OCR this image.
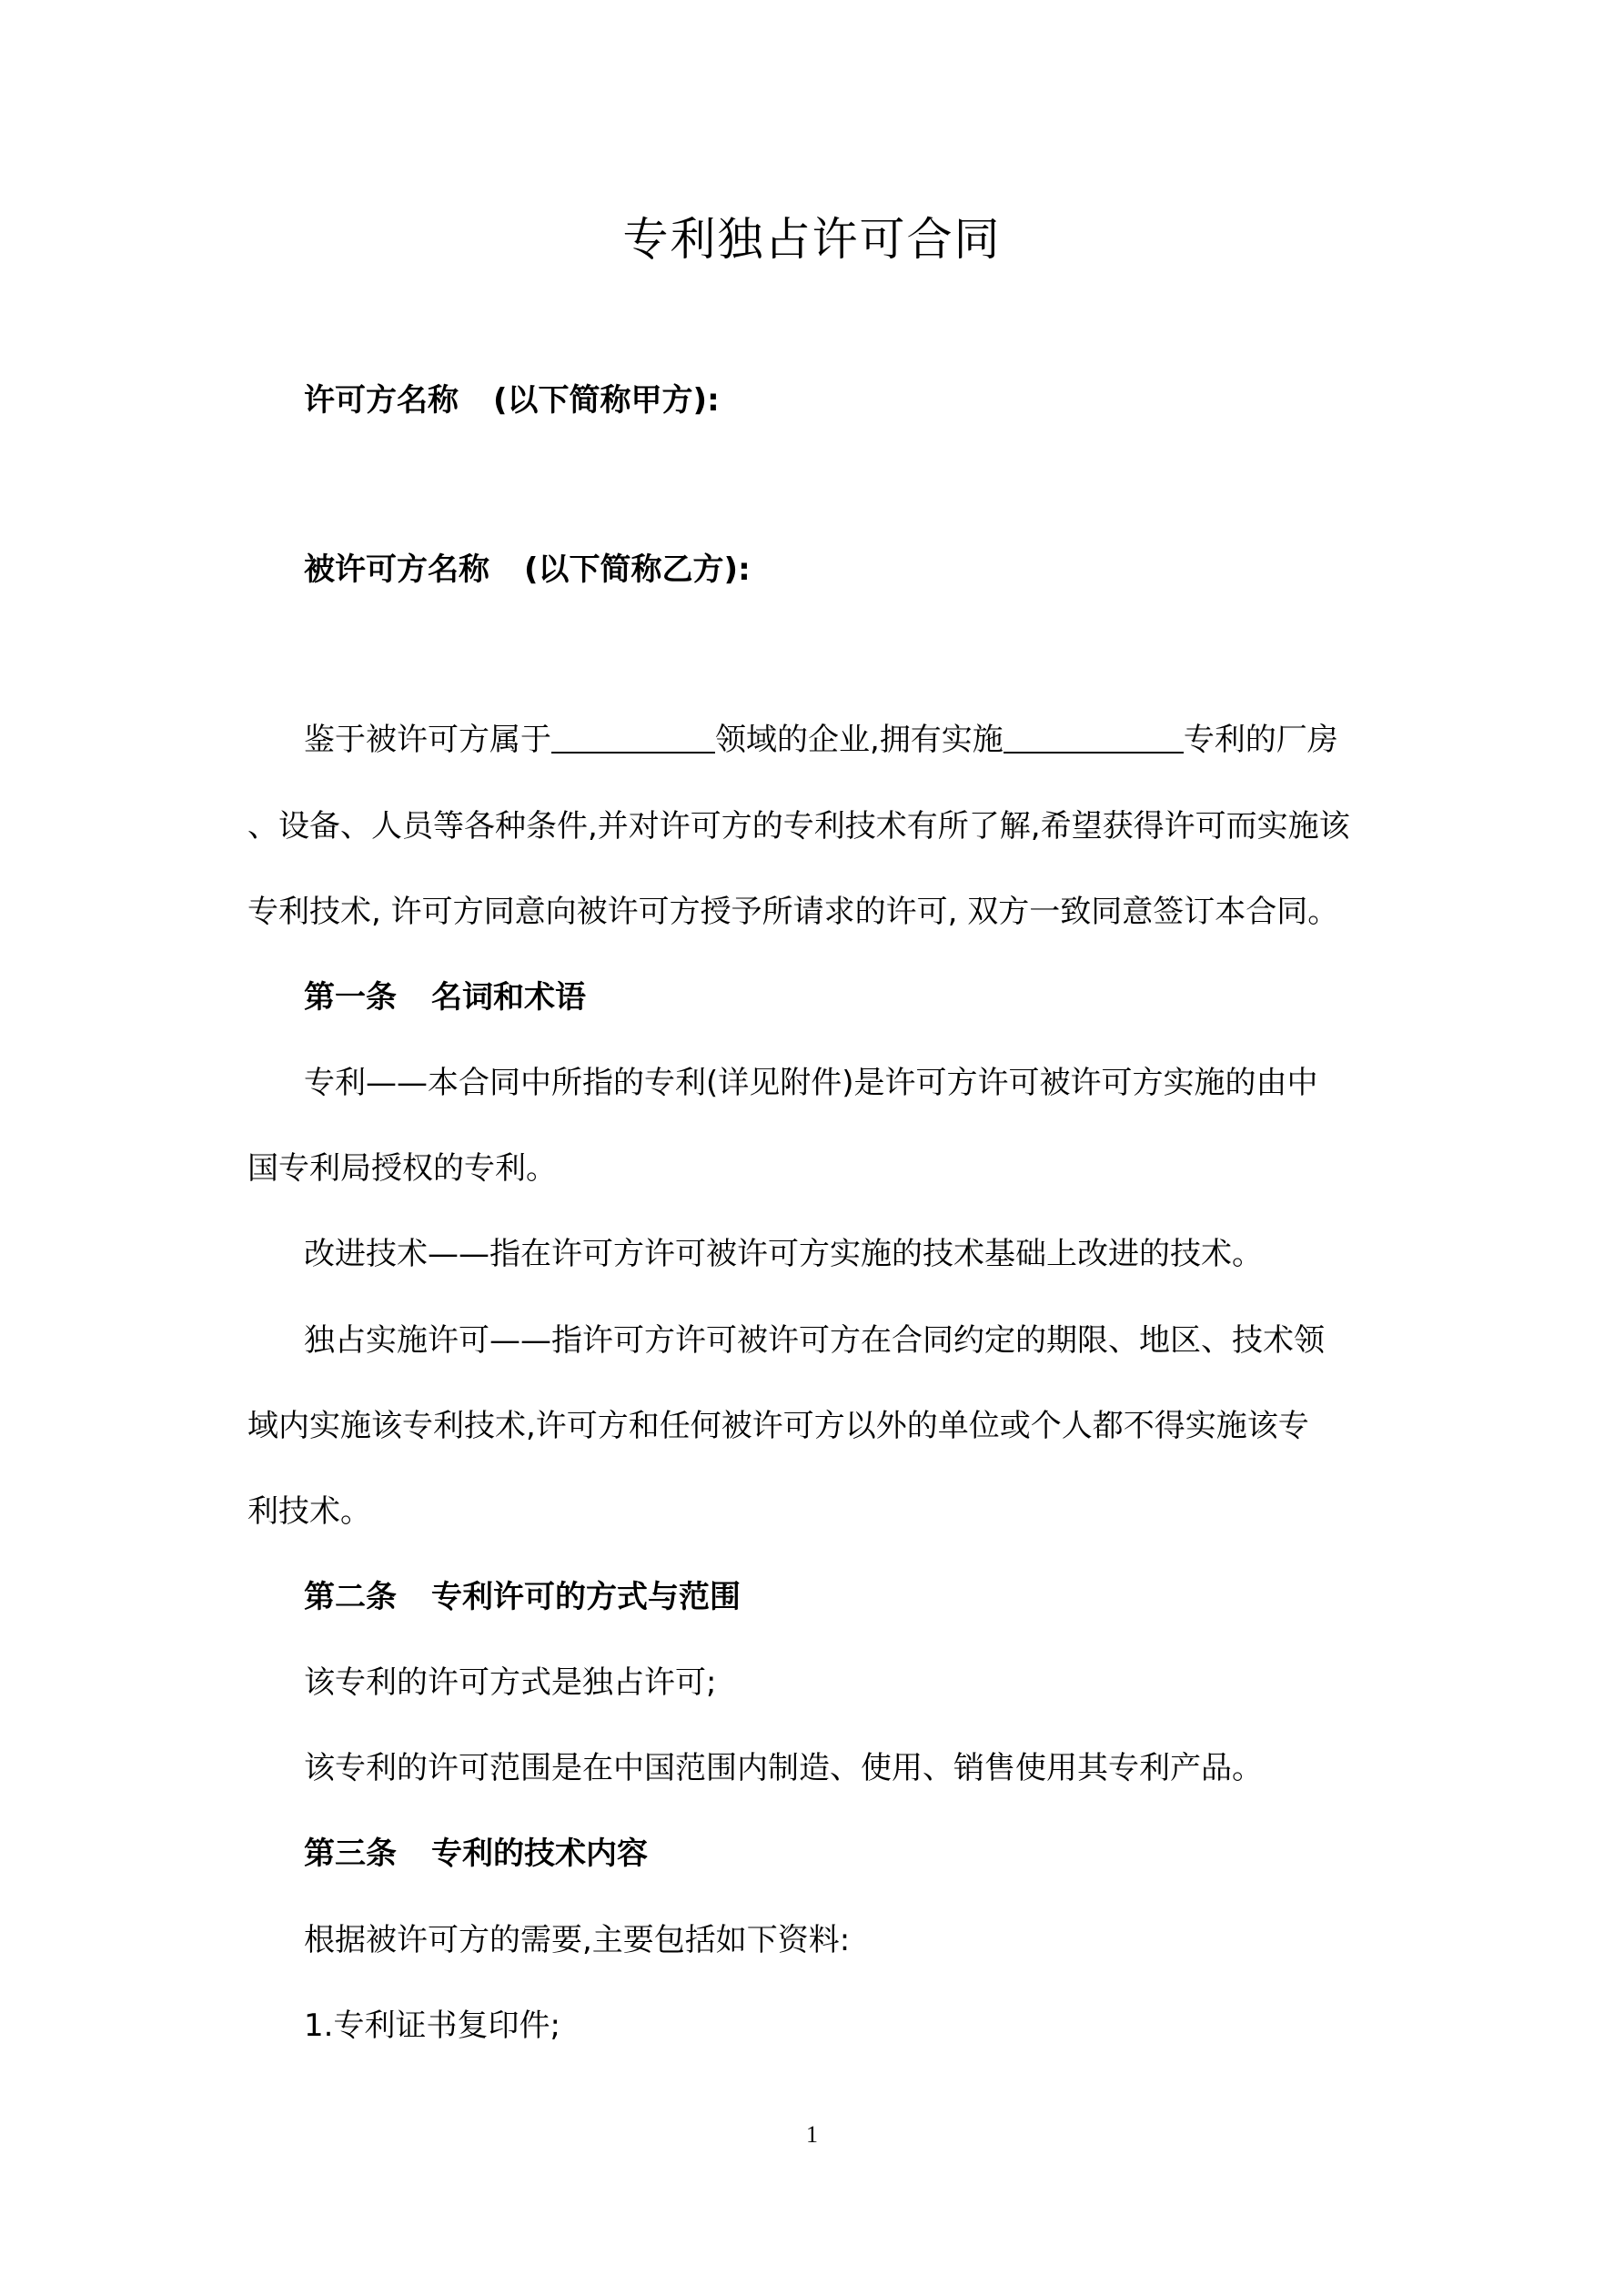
专利独占许可合同
许可方名称 (以下简称甲方):
被许可方名称 (以下简称乙方):
鉴于被许可方属于	领域的企业,拥有实施	专利的厂房
、设备、人员等各种条件,并对许可方的专利技术有所了解,希望获得许可而实施该
专利技术, 许可方同意向被许可方授予所请求的许可, 双方一致同意签订本合同。
第一条 名词和术语
专利——本合同中所指的专利(详见附件)是许可方许可被许可方实施的由中
国专利局授权的专利。
改进技术——指在许可方许可被许可方实施的技术基础上改进的技术。
独占实施许可——指许可方许可被许可方在合同约定的期限、地区、技术领
域内实施该专利技术,许可方和任何被许可方以外的单位或个人都不得实施该专
利技术。
第二条 专利许可的方式与范围
该专利的许可方式是独占许可;
该专利的许可范围是在中国范围内制造、使用、销售使用其专利产品。
第三条 专利的技术内容
根据被许可方的需要,主要包括如下资料:
1.专利证书复印件;
1
